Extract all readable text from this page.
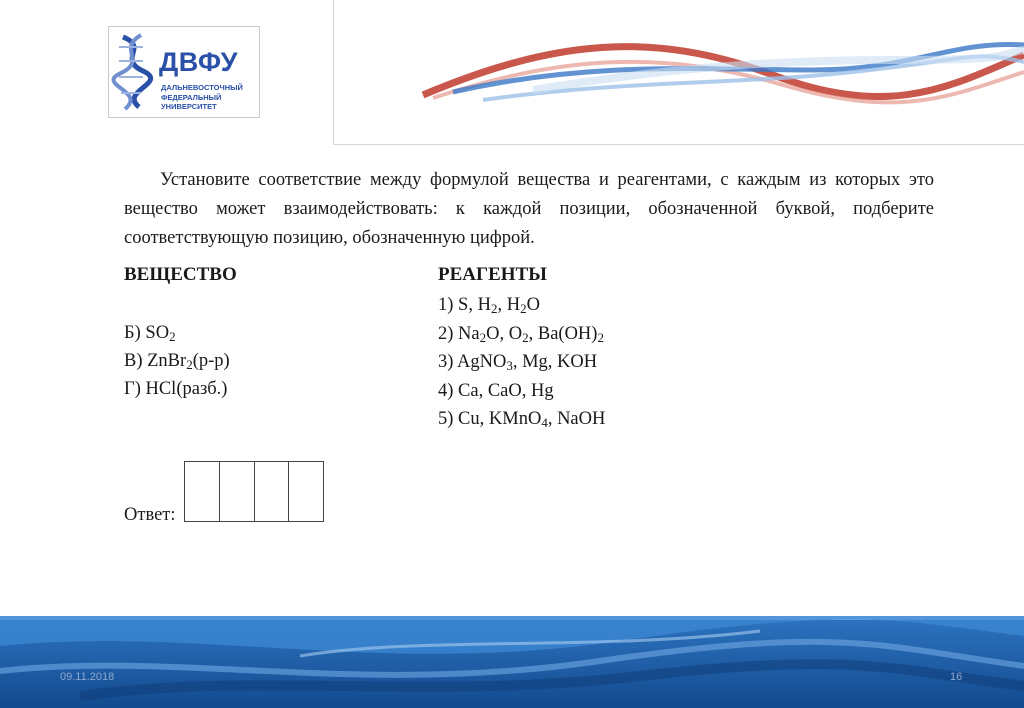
ДВФУ
ДАЛЬНЕВОСТОЧНЫЙ
ФЕДЕРАЛЬНЫЙ
УНИВЕРСИТЕТ
Установите соответствие между формулой вещества и реагентами, с каждым из которых это вещество может взаимодействовать: к каждой позиции, обозначенной буквой, подберите соответствующую позицию, обозначенную цифрой.
ВЕЩЕСТВО
Б) $SO_2$
В) ZnBr$_2$(р-р)
Г) HCl(разб.)
РЕАГЕНТЫ
1) S, $H_2$, $H_2O$
2) $Na_2O$, $O_2$, $Ba(OH)_2$
3) AgNO$_3$, Mg, KOH
4) Ca, CaO, Hg
5) Cu, KMnO$_4$, NaOH
Ответ:
09.11.2018	16
